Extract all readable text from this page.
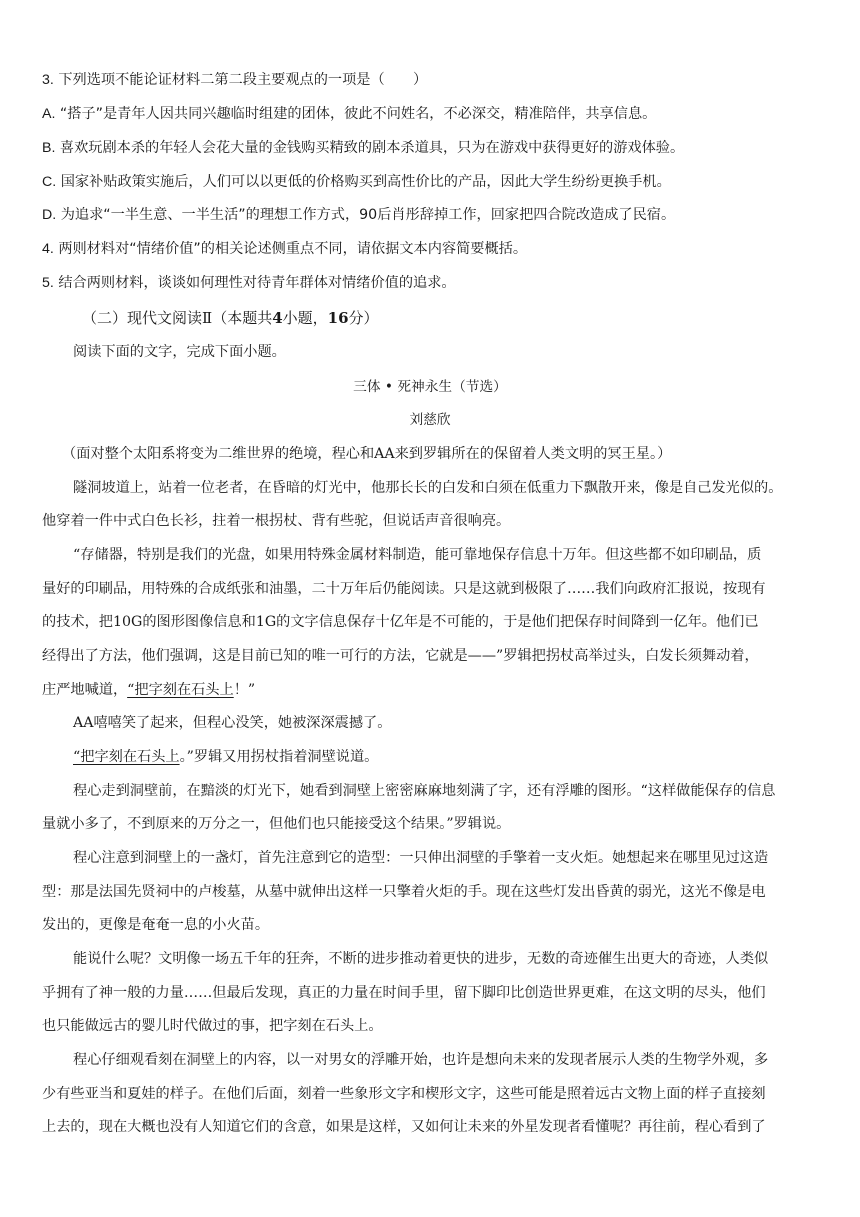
3. 下列选项不能论证材料二第二段主要观点的一项是（　　）
A. “搭子”是青年人因共同兴趣临时组建的团体，彼此不问姓名，不必深交，精准陪伴，共享信息。
B. 喜欢玩剧本杀的年轻人会花大量的金钱购买精致的剧本杀道具，只为在游戏中获得更好的游戏体验。
C. 国家补贴政策实施后，人们可以以更低的价格购买到高性价比的产品，因此大学生纷纷更换手机。
D. 为追求“一半生意、一半生活”的理想工作方式，90后肖彤辞掉工作，回家把四合院改造成了民宿。
4. 两则材料对“情绪价值”的相关论述侧重点不同，请依据文本内容简要概括。
5. 结合两则材料，谈谈如何理性对待青年群体对情绪价值的追求。
（二）现代文阅读Ⅱ（本题共4小题，16分）
阅读下面的文字，完成下面小题。
三体 • 死神永生（节选）
刘慈欣
（面对整个太阳系将变为二维世界的绝境，程心和AA来到罗辑所在的保留着人类文明的冥王星。）
隧洞坡道上，站着一位老者，在昏暗的灯光中，他那长长的白发和白须在低重力下飘散开来，像是自己发光似的。
他穿着一件中式白色长衫，拄着一根拐杖、背有些驼，但说话声音很响亮。
“存储器，特别是我们的光盘，如果用特殊金属材料制造，能可靠地保存信息十万年。但这些都不如印刷品，质
量好的印刷品，用特殊的合成纸张和油墨，二十万年后仍能阅读。只是这就到极限了……我们向政府汇报说，按现有
的技术，把10G的图形图像信息和1G的文字信息保存十亿年是不可能的，于是他们把保存时间降到一亿年。他们已
经得出了方法，他们强调，这是目前已知的唯一可行的方法，它就是——”罗辑把拐杖高举过头，白发长须舞动着，
庄严地喊道，“把字刻在石头上！”
AA嘻嘻笑了起来，但程心没笑，她被深深震撼了。
“把字刻在石头上。”罗辑又用拐杖指着洞壁说道。
程心走到洞壁前，在黯淡的灯光下，她看到洞壁上密密麻麻地刻满了字，还有浮雕的图形。“这样做能保存的信息
量就小多了，不到原来的万分之一，但他们也只能接受这个结果。”罗辑说。
程心注意到洞壁上的一盏灯，首先注意到它的造型：一只伸出洞壁的手擎着一支火炬。她想起来在哪里见过这造
型：那是法国先贤祠中的卢梭墓，从墓中就伸出这样一只擎着火炬的手。现在这些灯发出昏黄的弱光，这光不像是电
发出的，更像是奄奄一息的小火苗。
能说什么呢？文明像一场五千年的狂奔，不断的进步推动着更快的进步，无数的奇迹催生出更大的奇迹，人类似
乎拥有了神一般的力量……但最后发现，真正的力量在时间手里，留下脚印比创造世界更难，在这文明的尽头，他们
也只能做远古的婴儿时代做过的事，把字刻在石头上。
程心仔细观看刻在洞壁上的内容，以一对男女的浮雕开始，也许是想向未来的发现者展示人类的生物学外观，多
少有些亚当和夏娃的样子。在他们后面，刻着一些象形文字和楔形文字，这些可能是照着远古文物上面的样子直接刻
上去的，现在大概也没有人知道它们的含意，如果是这样，又如何让未来的外星发现者看懂呢？再往前，程心看到了
